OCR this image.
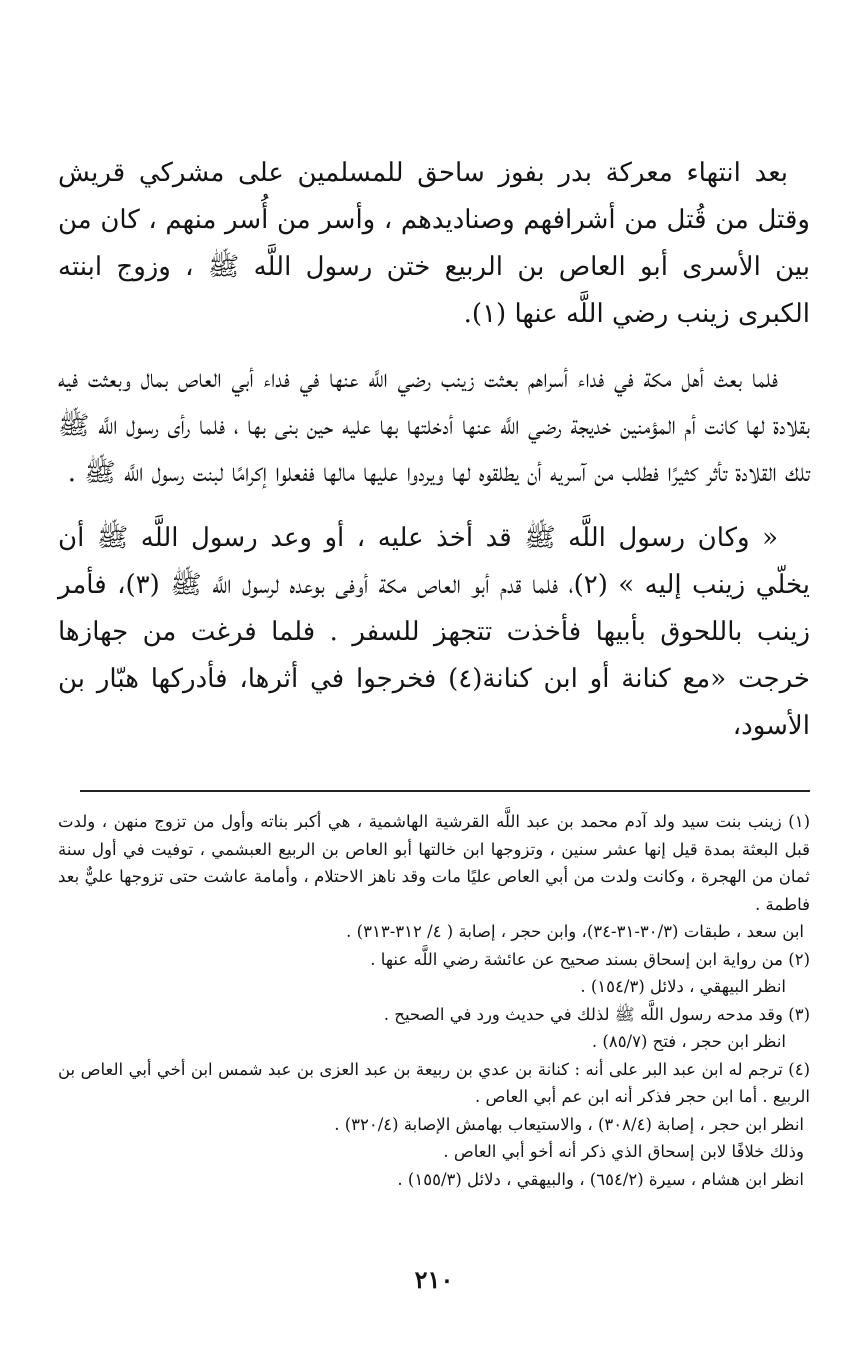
بعد انتهاء معركة بدر بفوز ساحق للمسلمين على مشركي قريش وقتل من قُتل من أشرافهم وصناديدهم ، وأسر من أُسر منهم ، كان من بين الأسرى أبو العاص بن الربيع ختن رسول اللَّه ﷺ ، وزوج ابنته الكبرى زينب رضي اللَّه عنها (١).

فلما بعث أهل مكة في فداء أسراهم بعثت زينب رضي اللَّه عنها في فداء أبي العاص بمال وبعثت فيه بقلادة لها كانت أم المؤمنين خديجة رضي اللَّه عنها أدخلتها بها عليه حين بنى بها ، فلما رأى رسول اللَّه ﷺ تلك القلادة تأثر كثيرًا فطلب من آسريه أن يطلقوه لها ويردوا عليها مالها ففعلوا إكرامًا لبنت رسول اللَّه ﷺ .

« وكان رسول اللَّه ﷺ قد أخذ عليه ، أو وعد رسول اللَّه ﷺ أن يخلّي زينب إليه » (٢)، فلما قدم أبو العاص مكة أوفى بوعده لرسول اللَّه ﷺ (٣)، فأمر زينب باللحوق بأبيها فأخذت تتجهز للسفر . فلما فرغت من جهازها خرجت «مع كنانة أو ابن كنانة(٤) فخرجوا في أثرها، فأدركها هبّار بن الأسود،

(١) زينب بنت سيد ولد آدم محمد بن عبد اللَّه القرشية الهاشمية ، هي أكبر بناته وأول من تزوج منهن ، ولدت قبل البعثة بمدة قيل إنها عشر سنين ، وتزوجها ابن خالتها أبو العاص بن الربيع العبشمي ، توفيت في أول سنة ثمان من الهجرة ، وكانت ولدت من أبي العاص عليًا مات وقد ناهز الاحتلام ، وأمامة عاشت حتى تزوجها عليٌّ بعد فاطمة .

ابن سعد ، طبقات (٣٠/٣-٣١-٣٤)، وابن حجر ، إصابة ( ٤/ ٣١٢-٣١٣) .

(٢) من رواية ابن إسحاق بسند صحيح عن عائشة رضي اللَّه عنها .

انظر البيهقي ، دلائل (١٥٤/٣) .

(٣) وقد مدحه رسول اللَّه ﷺ لذلك في حديث ورد في الصحيح .

انظر ابن حجر ، فتح (٨٥/٧) .

(٤) ترجم له ابن عبد البر على أنه : كنانة بن عدي بن ربيعة بن عبد العزى بن عبد شمس ابن أخي أبي العاص بن الربيع . أما ابن حجر فذكر أنه ابن عم أبي العاص .

انظر ابن حجر ، إصابة (٣٠٨/٤) ، والاستيعاب بهامش الإصابة (٣٢٠/٤) .

وذلك خلافًا لابن إسحاق الذي ذكر أنه أخو أبي العاص .

انظر ابن هشام ، سيرة (٦٥٤/٢) ، والبيهقي ، دلائل (١٥٥/٣) .

٢١٠
